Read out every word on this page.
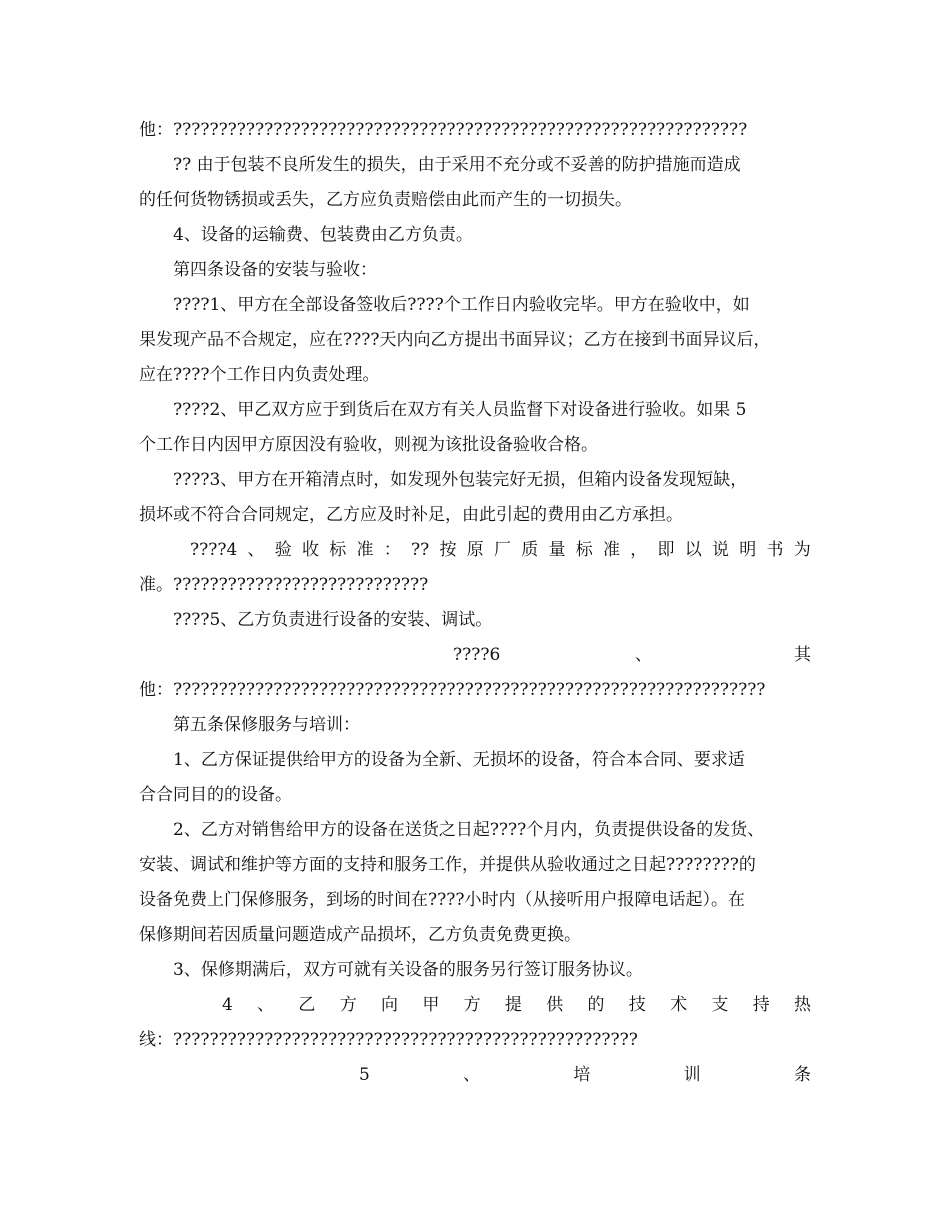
他：???????????????????????????????????????????????????????????????
?? 由于包装不良所发生的损失，由于采用不充分或不妥善的防护措施而造成
的任何货物锈损或丢失，乙方应负责赔偿由此而产生的一切损失。
4、设备的运输费、包装费由乙方负责。
第四条设备的安装与验收：
????1、甲方在全部设备签收后????个工作日内验收完毕。甲方在验收中，如
果发现产品不合规定，应在????天内向乙方提出书面异议；乙方在接到书面异议后，
应在????个工作日内负责处理。
????2、甲乙双方应于到货后在双方有关人员监督下对设备进行验收。如果 5
个工作日内因甲方原因没有验收，则视为该批设备验收合格。
????3、甲方在开箱清点时，如发现外包装完好无损，但箱内设备发现短缺，
损坏或不符合合同规定，乙方应及时补足，由此引起的费用由乙方承担。
????4 、 验 收 标 准 ： ?? 按 原 厂 质 量 标 准 ， 即 以 说 明 书 为
准。????????????????????????????
????5、乙方负责进行设备的安装、调试。
????6	、	其
他：?????????????????????????????????????????????????????????????????
第五条保修服务与培训：
1、乙方保证提供给甲方的设备为全新、无损坏的设备，符合本合同、要求适
合合同目的的设备。
2、乙方对销售给甲方的设备在送货之日起????个月内，负责提供设备的发货、
安装、调试和维护等方面的支持和服务工作，并提供从验收通过之日起????????的
设备免费上门保修服务，到场的时间在????小时内（从接听用户报障电话起）。在
保修期间若因质量问题造成产品损坏，乙方负责免费更换。
3、保修期满后，双方可就有关设备的服务另行签订服务协议。
4 、 乙 方 向 甲 方 提 供 的 技 术 支 持 热
线：???????????????????????????????????????????????????
5	、	培	训	条
